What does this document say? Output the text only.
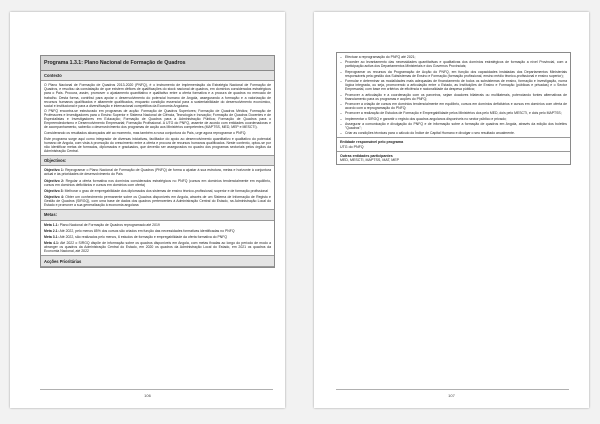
Programa 1.3.1: Plano Nacional de Formação de Quadros
Contexto

O Plano Nacional de Formação de Quadros 2013-2020 (PNFQ), é o instrumento de implementação da Estratégia Nacional de Formação de Quadros, e resultou da constatação de que existem défices de qualificações do stock nacional de quadros, em domínios considerados estratégicos para o País. Procura, assim, promover o ajustamento quantitativo e qualitativo entre a oferta formativa e a procura de quadros no mercado de trabalho. Desta forma, contribui para apoiar o desenvolvimento do potencial humano de Angola, assegurando a formação e a valorização de recursos humanos qualificados e altamente qualificados, enquanto condição essencial para a sustentabilidade do desenvolvimento económico, social e institucional e para a diversificação e internacional competitiva da Economia Angolana.

O PNFQ encontra-se estruturado em programas de acção: Formação de Quadros Superiores; Formação de Quadros Médios; Formação de Professores e Investigadores para o Ensino Superior e Sistema Nacional de Ciência, Tecnologia e Inovação; Formação de Quadros Docentes e de Especialistas e Investigadores em Educação; Formação de Quadros para a Administração Pública; Formação de Quadros para o Empreendedorismo e Desenvolvimento Empresarial; Formação Profissional. A UTG do PNFQ, assente de acordo com entidades coordenadoras e de acompanhamento, saberão o desenvolvimento dos programas de acção aos Ministérios competentes (MAPTSS, MED, MEP e MESCTI).

Considerando os resultados alcançados até ao momento, mas também a nova conjuntura do País, urge agora reprogramar o PNFQ.

Este programa surge aqui como integrador de diversas iniciativas, facilitador do apoio ao desenvolvimento quantitativo e qualitativo do potencial humano de Angola, com vista à promoção do crescimento entre a oferta e procura de recursos humanos qualificados. Neste contexto, optou-se por não identificar metas de formados, diplomados e graduados, que deverão ser assegurados no quadro dos programas sectoriais pelos órgãos da Administração Central.

Objectivos:

Objectivo 1: Reprogramar o Plano Nacional de Formação de Quadros (PNFQ) de forma a ajustar à sua estrutura, metas e horizonte à conjuntura actual e às prioridades de desenvolvimento do País

Objectivo 2: Regular a oferta formativa nos domínios considerados estratégicos no PNFQ (cursos em domínios tendencialmente em equilíbrio, cursos em domínios deficitários e cursos em domínios com oferta)

Objectivo 3: Melhorar o grau de empregabilidade dos diplomados dos sistemas de ensino técnico-profissional, superior e de formação profissional

Objectivo 4: Obter um conhecimento permanente sobre os Quadros disponíveis em Angola, através de um Sistema de Informação de Registo e Gestão de Quadros (SIRGQ), com uma base de dados dos quadros pertencentes à Administração Central do Estado, na Administração Local do Estado e promover a sua generalização à economia angolana

Metas:

Meta 1.1: Plano Nacional de Formação de Quadros reprogramado até 2019

Meta 2.1: Até 2022, pelo menos 85% dos cursos são criados em função das necessidades formativas identificadas no PNFQ

Meta 3.1: Até 2022, são realizados pelo menos, 6 estudos de formação e empregabilidade da oferta formativa do PNFQ

Meta 4.1: Até 2022 o SIRGQ dispõe de informação sobre os quadros disponíveis em Angola, com metas fixadas ao longo do período de modo a abranger os quadros da Administração Central do Estado, em 2020 os quadros da Administração Local do Estado, em 2021 os quadros da Economia Nacional, até 2022

Acções Prioritárias
106
– Efectuar a reprogramação do PNFQ até 2021;
– Proceder ao levantamento das necessidades quantitativas e qualitativas dos domínios estratégicos de formação a nível Provincial, com a participação activa dos Departamentos Ministeriais e dos Governos Provinciais;
– Reprogramar os recursos da Programação de Acção do PNFQ, em função dos capacidades instaladas dos Departamentos Ministeriais responsáveis pela gestão dos Subsistemas de Ensino e Formação (formação profissional, ensino médio técnico-profissional e ensino superior);
– Formular e determinar as modalidades mais adequadas de financiamento de todos os subsistemas de ensino, formação e investigação, numa lógica integrada, ou seja, promovendo a articulação entre o Estado, as Instituições de Ensino e Formação (públicas e privadas) e o Sector Empresarial, com base em critérios de eficiência e racionalidade da despesa pública;
– Promover a articulação e a coordenação com os parceiros, sejam doadores bilaterais ou multilaterais, potenciando fontes alternativas de financiamento para os programas e acções do PNFQ;
– Promover a criação de cursos em domínios tendencialmente em equilíbrio, cursos em domínios deficitários e cursos em domínios com oferta de acordo com a reprogramação do PNFQ;
– Promover a realização de Estudos de Formação e Empregabilidade pelos Ministérios dos pelo MED, dois pelo MESCTI, e dois pelo MAPTSS;
– Implementar o SIRGQ e garantir o registo dos quadros angolanos disponíveis no sector público e privado;
– Assegurar a comunicação e divulgação do PNFQ e de informação sobre a formação de quadros em Angola, através da edição dos boletins "Quadros";
– Criar as condições técnicas para o cálculo do Índice de Capital Humano e divulgar o seu resultado anualmente.
Entidade responsável pelo programa
UTG do PNFQ
Outras entidades participantes
MED, MESCTI, MAPTSS, MAT, MEP
107
